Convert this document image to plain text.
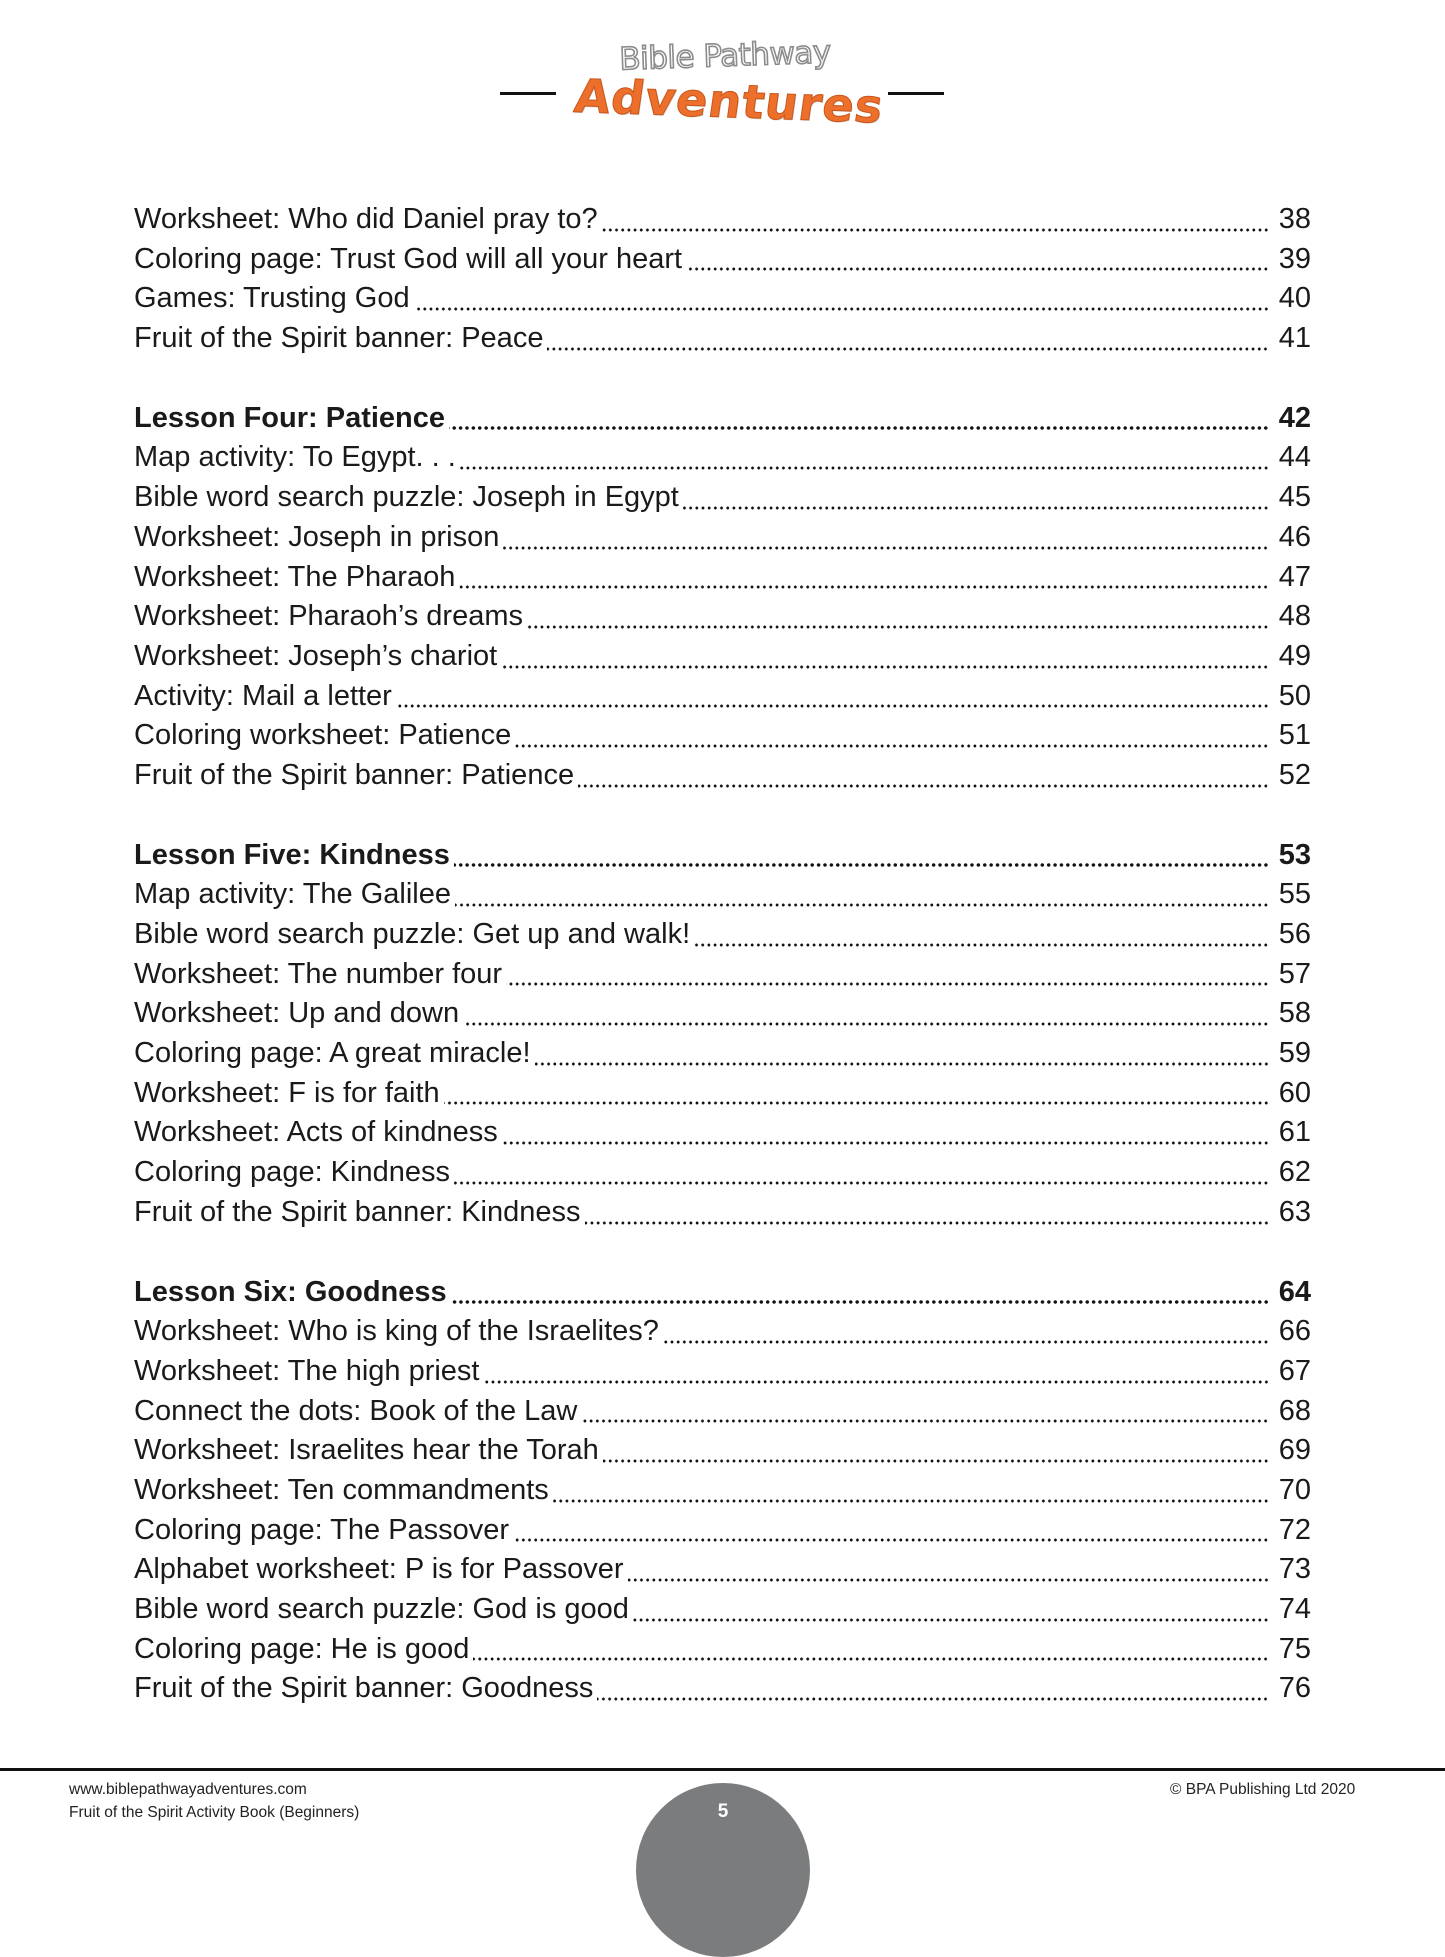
Bible Pathway
Adventures
Worksheet: Who did Daniel pray to?	38
Coloring page: Trust God will all your heart	39
Games: Trusting God	40
Fruit of the Spirit banner: Peace	41
Lesson Four: Patience	42
Map activity: To Egypt. . .	44
Bible word search puzzle: Joseph in Egypt	45
Worksheet: Joseph in prison	46
Worksheet: The Pharaoh	47
Worksheet: Pharaoh’s dreams	48
Worksheet: Joseph’s chariot	49
Activity: Mail a letter	50
Coloring worksheet: Patience	51
Fruit of the Spirit banner: Patience	52
Lesson Five: Kindness	53
Map activity: The Galilee	55
Bible word search puzzle: Get up and walk!	56
Worksheet: The number four	57
Worksheet: Up and down	58
Coloring page: A great miracle!	59
Worksheet: F is for faith	60
Worksheet: Acts of kindness	61
Coloring page: Kindness	62
Fruit of the Spirit banner: Kindness	63
Lesson Six: Goodness	64
Worksheet: Who is king of the Israelites?	66
Worksheet: The high priest	67
Connect the dots: Book of the Law	68
Worksheet: Israelites hear the Torah	69
Worksheet: Ten commandments	70
Coloring page: The Passover	72
Alphabet worksheet: P is for Passover	73
Bible word search puzzle: God is good	74
Coloring page: He is good	75
Fruit of the Spirit banner: Goodness	76
www.biblepathwayadventures.com
Fruit of the Spirit Activity Book (Beginners)	5
© BPA Publishing Ltd 2020
